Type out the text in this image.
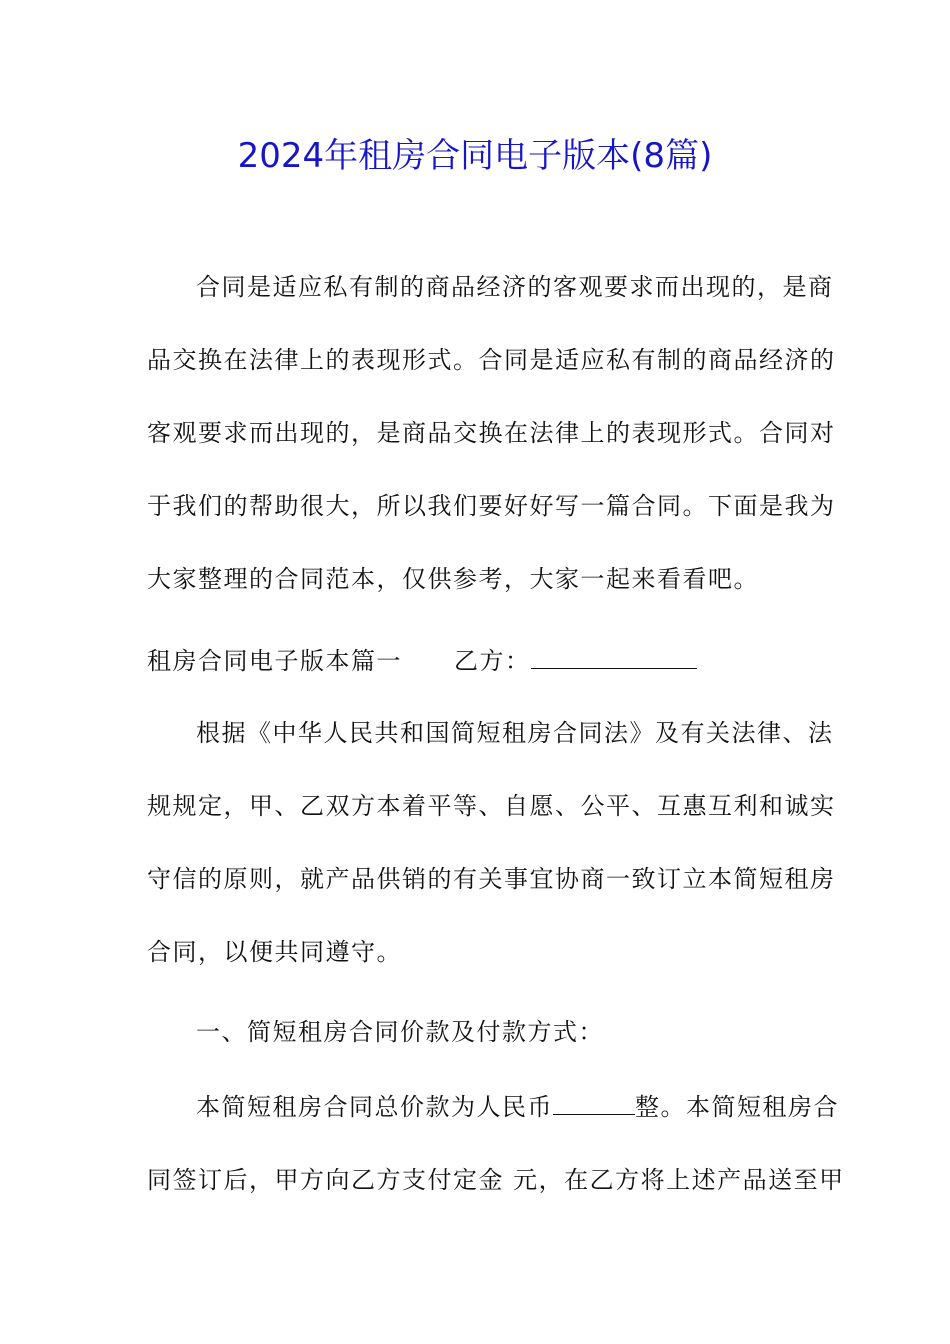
2024年租房合同电子版本(8篇)
合同是适应私有制的商品经济的客观要求而出现的，是商
品交换在法律上的表现形式。合同是适应私有制的商品经济的
客观要求而出现的，是商品交换在法律上的表现形式。合同对
于我们的帮助很大，所以我们要好好写一篇合同。下面是我为
大家整理的合同范本，仅供参考，大家一起来看看吧。
租房合同电子版本篇一 乙方：
根据《中华人民共和国简短租房合同法》及有关法律、法
规规定，甲、乙双方本着平等、自愿、公平、互惠互利和诚实
守信的原则，就产品供销的有关事宜协商一致订立本简短租房
合同，以便共同遵守。
一、简短租房合同价款及付款方式：
本简短租房合同总价款为人民币	整。本简短租房合
同签订后，甲方向乙方支付定金 元，在乙方将上述产品送至甲
